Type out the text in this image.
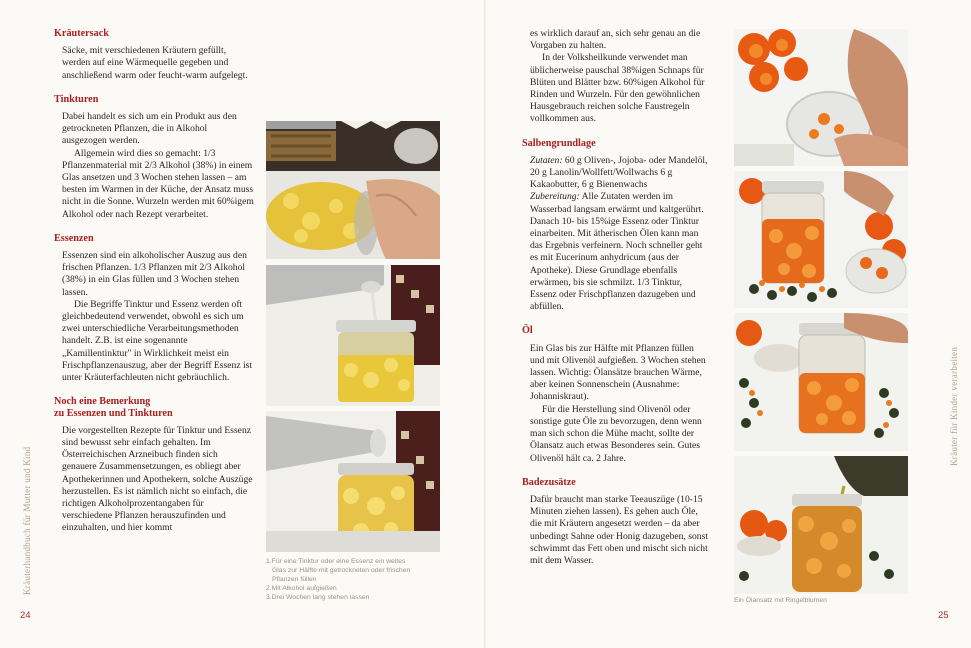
Kräuterhandbuch für Mutter und Kind
24
Kräutersack

Säcke, mit verschiedenen Kräutern gefüllt, werden auf eine Wärmequelle gegeben und anschließend warm oder feucht-warm aufgelegt.

Tinkturen

Dabei handelt es sich um ein Produkt aus den getrockneten Pflanzen, die in Alkohol ausgezogen werden.

Allgemein wird dies so gemacht: 1/3 Pflanzenmaterial mit 2/3 Alkohol (38%) in einem Glas ansetzen und 3 Wochen stehen lassen – am besten im Warmen in der Küche, der Ansatz muss nicht in die Sonne. Wurzeln werden mit 60%igem Alkohol oder nach Rezept verarbeitet.

Essenzen

Essenzen sind ein alkoholischer Auszug aus den frischen Pflanzen. 1/3 Pflanzen mit 2/3 Alkohol (38%) in ein Glas füllen und 3 Wochen stehen lassen.

Die Begriffe Tinktur und Essenz werden oft gleichbedeutend verwendet, obwohl es sich um zwei unterschiedliche Verarbeitungsmethoden handelt. Z.B. ist eine sogenannte „Kamillentinktur" in Wirklichkeit meist ein Frischpflanzenauszug, aber der Begriff Essenz ist unter Kräuterfachleuten nicht gebräuchlich.

Noch eine Bemerkung
zu Essenzen und Tinkturen

Die vorgestellten Rezepte für Tinktur und Essenz sind bewusst sehr einfach gehalten. Im Österreichischen Arzneibuch finden sich genauere Zusammensetzungen, es obliegt aber Apothekerinnen und Apothekern, solche Auszüge herzustellen. Es ist nämlich nicht so einfach, die richtigen Alkoholprozentangaben für verschiedene Pflanzen herauszufinden und einzuhalten, und hier kommt

1.Für eine Tinktur oder eine Essenz ein weites
Glas zur Hälfte mit getrockneten oder frischen
Pflanzen füllen
2.Mit Alkohol aufgießen
3.Drei Wochen lang stehen lassen

es wirklich darauf an, sich sehr genau an die Vorgaben zu halten.

In der Volksheilkunde verwendet man üblicherweise pauschal 38%igen Schnaps für Blüten und Blätter bzw. 60%igen Alkohol für Rinden und Wurzeln. Für den gewöhnlichen Hausgebrauch reichen solche Faustregeln vollkommen aus.

Salbengrundlage

Zutaten: 60 g Oliven-, Jojoba- oder Mandelöl, 20 g Lanolin/Wollfett/Wollwachs 6 g Kakaobutter, 6 g Bienenwachs

Zubereitung: Alle Zutaten werden im Wasserbad langsam erwärmt und kaltgerührt. Danach 10- bis 15%ige Essenz oder Tinktur einarbeiten. Mit ätherischen Ölen kann man das Ergebnis verfeinern. Noch schneller geht es mit Eucerinum anhydricum (aus der Apotheke). Diese Grundlage ebenfalls erwärmen, bis sie schmilzt. 1/3 Tinktur, Essenz oder Frischpflanzen dazugeben und abfüllen.

Öl

Ein Glas bis zur Hälfte mit Pflanzen füllen und mit Olivenöl aufgießen. 3 Wochen stehen lassen. Wichtig: Ölansätze brauchen Wärme, aber keinen Sonnenschein (Ausnahme: Johanniskraut).

Für die Herstellung sind Olivenöl oder sonstige gute Öle zu bevorzugen, denn wenn man sich schon die Mühe macht, sollte der Ölansatz auch etwas Besonderes sein. Gutes Olivenöl hält ca. 2 Jahre.

Badezusätze

Dafür braucht man starke Teeauszüge (10-15 Minuten ziehen lassen). Es gehen auch Öle, die mit Kräutern angesetzt werden – da aber unbedingt Sahne oder Honig dazugeben, sonst schwimmt das Fett oben und mischt sich nicht mit dem Wasser.

Ein Ölansatz mit Ringelblumen
Kräuter für Kinder verarbeiten
25
